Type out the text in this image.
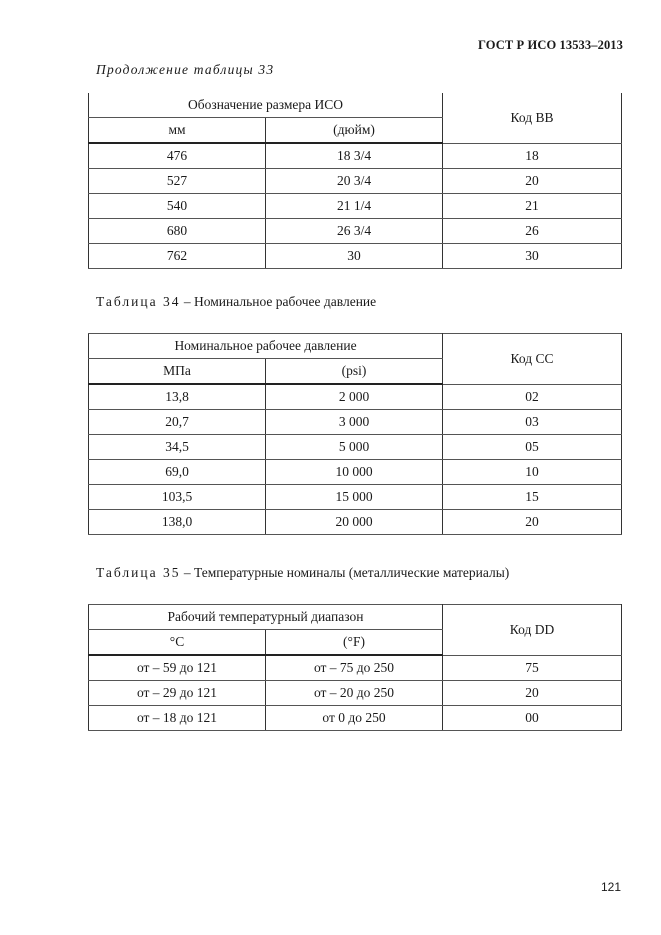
ГОСТ Р ИСО 13533–2013
Продолжение таблицы 33
Обозначение размера ИСО		Код ВВ
мм	(дюйм)	
476	18 3/4	18
527	20 3/4	20
540	21 1/4	21
680	26 3/4	26
762	30	30
Таблица 34 – Номинальное рабочее давление
Номинальное рабочее давление		Код СС
МПа	(psi)	
13,8	2 000	02
20,7	3 000	03
34,5	5 000	05
69,0	10 000	10
103,5	15 000	15
138,0	20 000	20
Таблица 35 – Температурные номиналы (металлические материалы)
Рабочий температурный диапазон		Код DD
°С	(°F)	
от – 59 до 121	от – 75 до 250	75
от – 29 до 121	от – 20 до 250	20
от – 18 до 121	от 0 до 250	00
121
